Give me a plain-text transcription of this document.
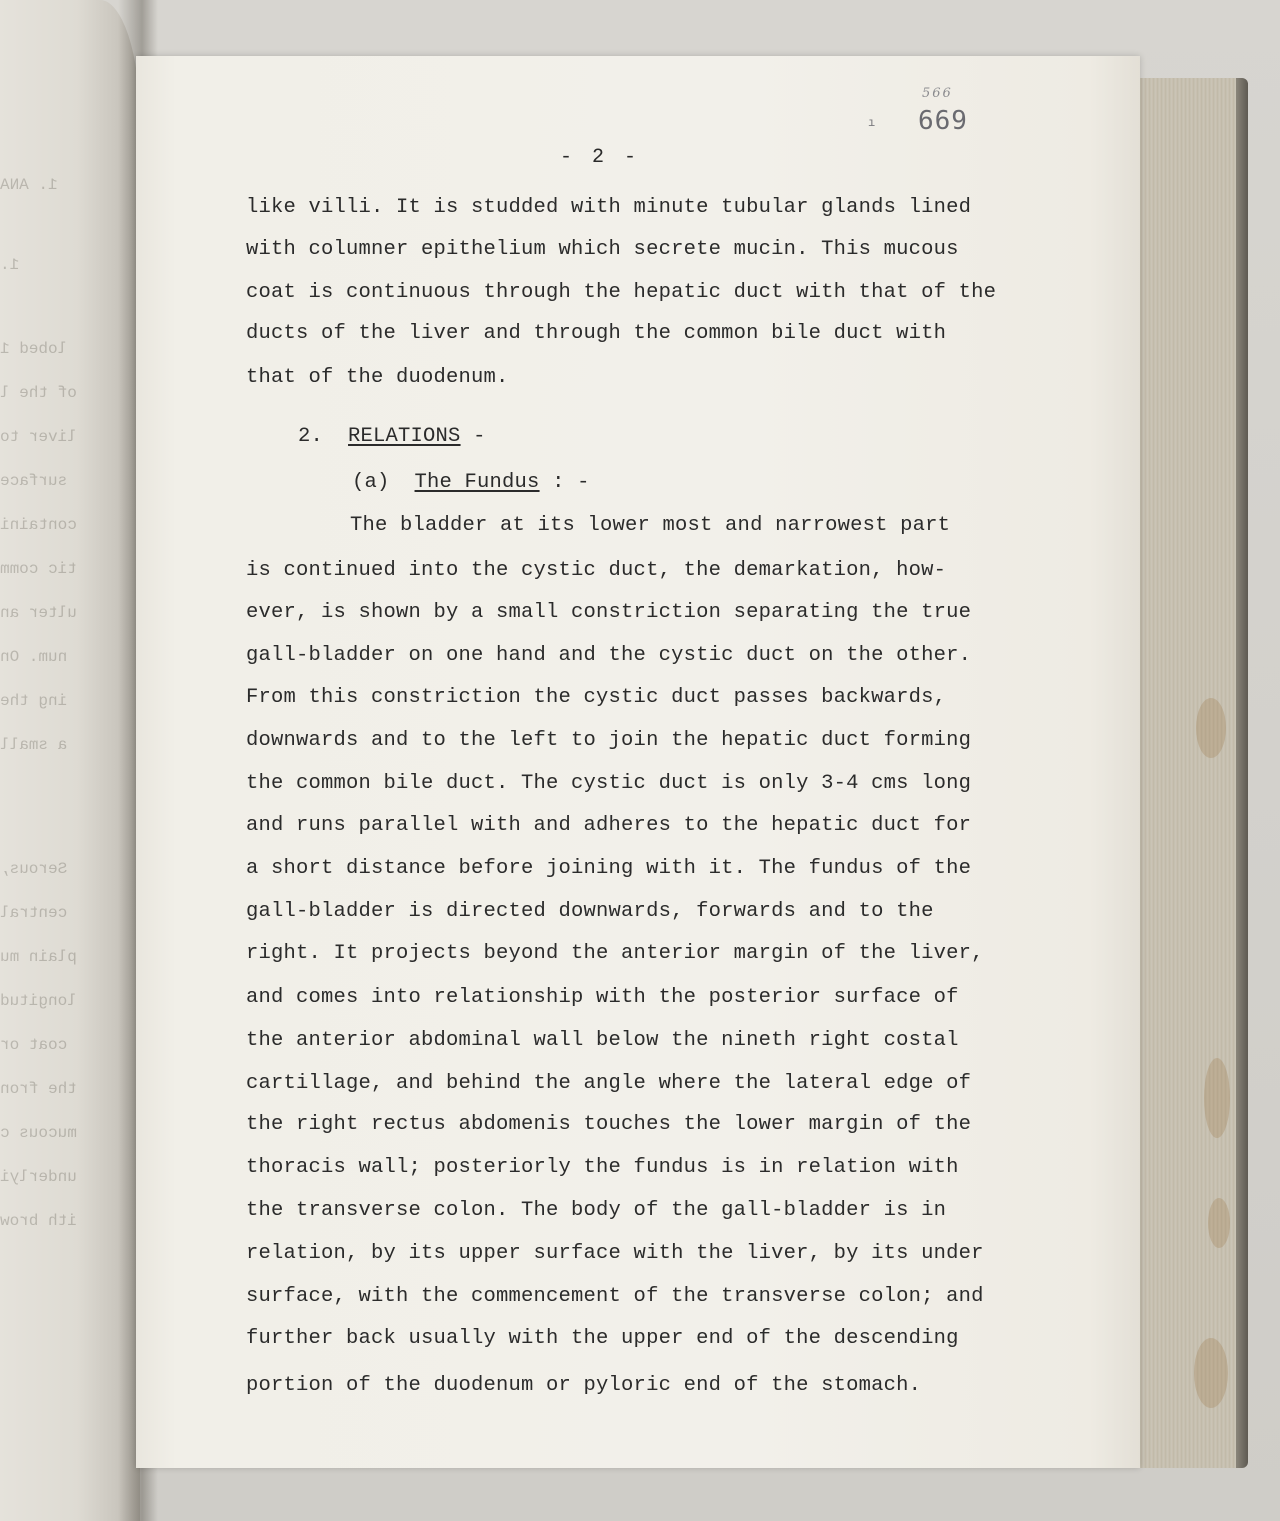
1. ANA
1.
lobed 1
of the l
liver to
surface
containi
tic comm
ulter an
num. On
ing the
a small
Serous,
central
plain mu
longitud
coat or
the fron
mucous c
underlyi
ith brow
566
669
ı
- 2 -
like villi. It is studded with minute tubular glands lined
with columner epithelium which secrete mucin. This mucous
coat is continuous through the hepatic duct with that of the
ducts of the liver and through the common bile duct with
that of the duodenum.
2. RELATIONS -
(a) The Fundus : -
The bladder at its lower most and narrowest part
is continued into the cystic duct, the demarkation, how-
ever, is shown by a small constriction separating the true
gall-bladder on one hand and the cystic duct on the other.
From this constriction the cystic duct passes backwards,
downwards and to the left to join the hepatic duct forming
the common bile duct. The cystic duct is only 3-4 cms long
and runs parallel with and adheres to the hepatic duct for
a short distance before joining with it. The fundus of the
gall-bladder is directed downwards, forwards and to the
right. It projects beyond the anterior margin of the liver,
and comes into relationship with the posterior surface of
the anterior abdominal wall below the nineth right costal
cartillage, and behind the angle where the lateral edge of
the right rectus abdomenis touches the lower margin of the
thoracis wall; posteriorly the fundus is in relation with
the transverse colon. The body of the gall-bladder is in
relation, by its upper surface with the liver, by its under
surface, with the commencement of the transverse colon; and
further back usually with the upper end of the descending
portion of the duodenum or pyloric end of the stomach.
